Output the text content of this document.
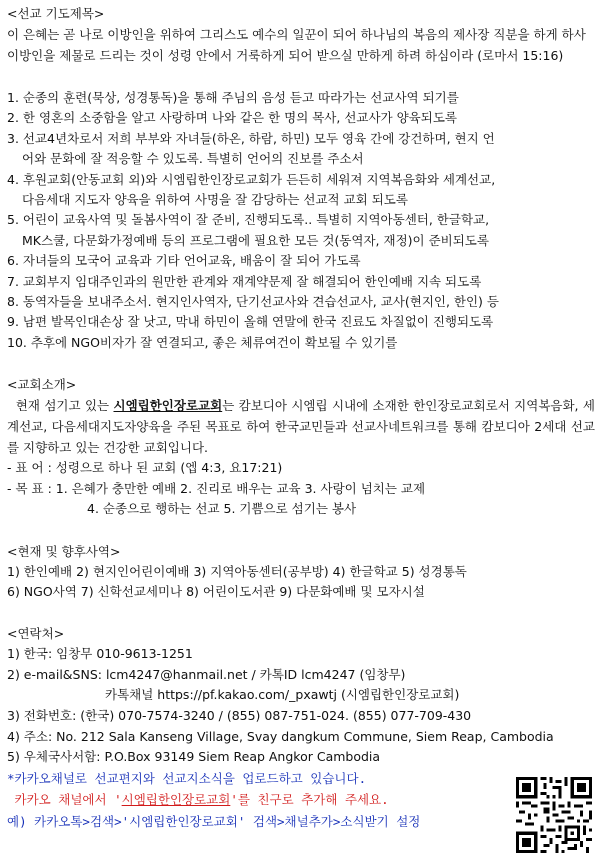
<선교 기도제목>
이 은혜는 곧 나로 이방인을 위하여 그리스도 예수의 일꾼이 되어 하나님의 복음의 제사장 직분을 하게 하사 이방인을 제물로 드리는 것이 성령 안에서 거룩하게 되어 받으실 만하게 하려 하심이라 (로마서 15:16)
1. 순종의 훈련(묵상, 성경통독)을 통해 주님의 음성 듣고 따라가는 선교사역 되기를
2. 한 영혼의 소중함을 알고 사랑하며 나와 같은 한 명의 목사, 선교사가 양육되도록
3. 선교4년차로서 저희 부부와 자녀들(하온, 하람, 하민) 모두 영육 간에 강건하며, 현지 언
어와 문화에 잘 적응할 수 있도록. 특별히 언어의 진보를 주소서
4. 후원교회(안동교회 외)와 시엠립한인장로교회가 든든히 세워져 지역복음화와 세계선교,
다음세대 지도자 양육을 위하여 사명을 잘 감당하는 선교적 교회 되도록
5. 어린이 교육사역 및 돌봄사역이 잘 준비, 진행되도록.. 특별히 지역아동센터, 한글학교,
MK스쿨, 다문화가정예배 등의 프로그램에 필요한 모든 것(동역자, 재정)이 준비되도록
6. 자녀들의 모국어 교육과 기타 언어교육, 배움이 잘 되어 가도록
7. 교회부지 임대주인과의 원만한 관계와 재계약문제 잘 해결되어 한인예배 지속 되도록
8. 동역자들을 보내주소서. 현지인사역자, 단기선교사와 견습선교사, 교사(현지인, 한인) 등
9. 남편 발목인대손상 잘 낫고, 막내 하민이 올해 연말에 한국 진료도 차질없이 진행되도록
10. 추후에 NGO비자가 잘 연결되고, 좋은 체류여건이 확보될 수 있기를
<교회소개>
현재 섬기고 있는 시엠립한인장로교회는 캄보디아 시엠립 시내에 소재한 한인장로교회로서 지역복음화, 세계선교, 다음세대지도자양육을 주된 목표로 하여 한국교민들과 선교사네트워크를 통해 캄보디아 2세대 선교를 지향하고 있는 건강한 교회입니다.
- 표 어 : 성령으로 하나 된 교회 (엡 4:3, 요17:21)
- 목 표 : 1. 은혜가 충만한 예배 2. 진리로 배우는 교육 3. 사랑이 넘치는 교제
4. 순종으로 행하는 선교 5. 기쁨으로 섬기는 봉사
<현재 및 향후사역>
1) 한인예배 2) 현지인어린이예배 3) 지역아동센터(공부방) 4) 한글학교 5) 성경통독
6) NGO사역 7) 신학선교세미나 8) 어린이도서관 9) 다문화예배 및 모자시설
<연락처>
1) 한국: 임창무 010-9613-1251
2) e-mail&SNS: lcm4247@hanmail.net / 카톡ID lcm4247 (임창무)
카톡채널 https://pf.kakao.com/_pxawtj (시엠립한인장로교회)
3) 전화번호: (한국) 070-7574-3240 / (855) 087-751-024. (855) 077-709-430
4) 주소: No. 212 Sala Kanseng Village, Svay dangkum Commune, Siem Reap, Cambodia
5) 우체국사서함: P.O.Box 93149 Siem Reap Angkor Cambodia
*카카오채널로 선교편지와 선교지소식을 업로드하고 있습니다.
카카오 채널에서 '시엠립한인장로교회'를 친구로 추가해 주세요.
예) 카카오톡>검색>'시엠립한인장로교회' 검색>채널추가>소식받기 설정
